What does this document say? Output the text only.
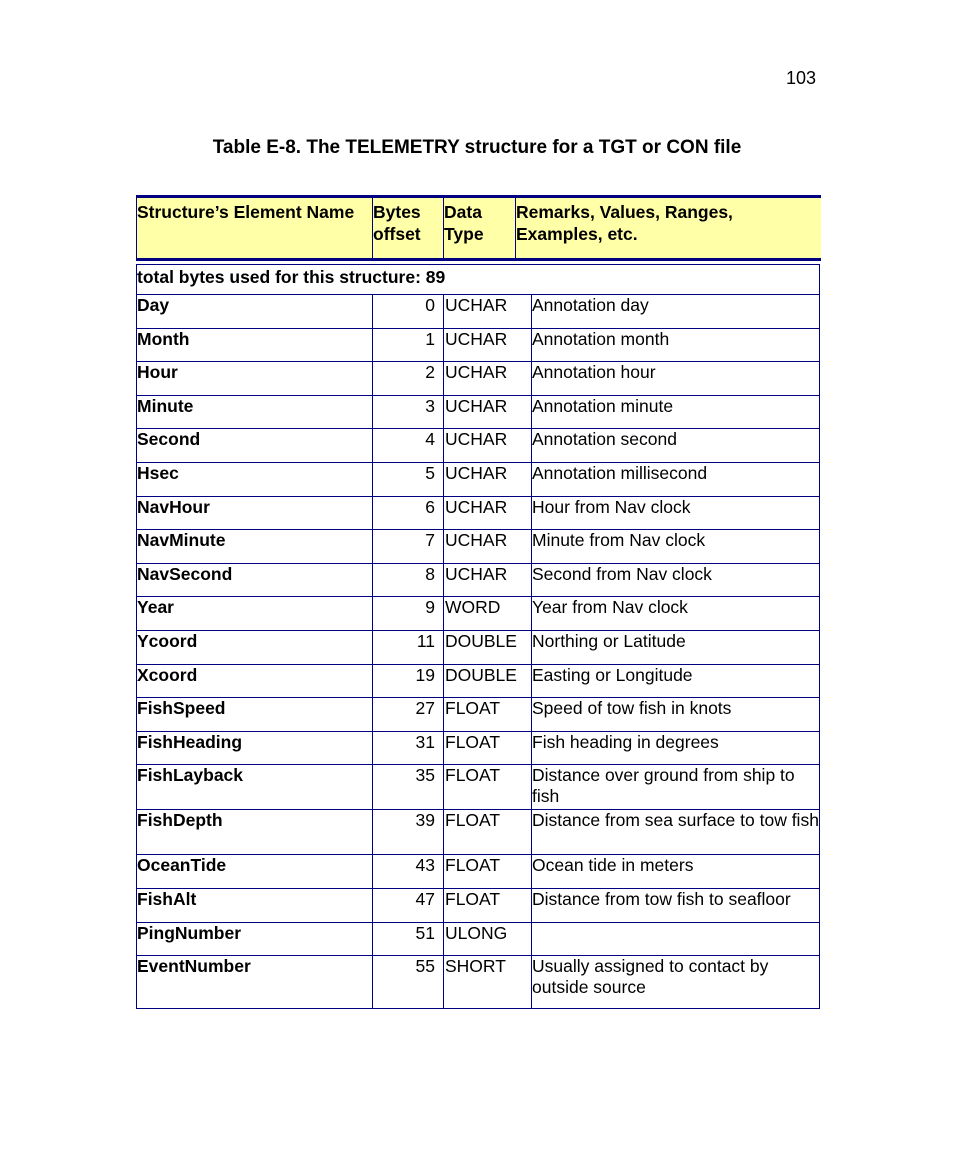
103
Table E-8. The TELEMETRY structure for a TGT or CON file
Structure’s Element Name	Bytes offset	Data Type	Remarks, Values, Ranges, Examples, etc.
total bytes used for this structure: 89			
Day	0	UCHAR	Annotation day
Month	1	UCHAR	Annotation month
Hour	2	UCHAR	Annotation hour
Minute	3	UCHAR	Annotation minute
Second	4	UCHAR	Annotation second
Hsec	5	UCHAR	Annotation millisecond
NavHour	6	UCHAR	Hour from Nav clock
NavMinute	7	UCHAR	Minute from Nav clock
NavSecond	8	UCHAR	Second from Nav clock
Year	9	WORD	Year from Nav clock
Ycoord	11	DOUBLE	Northing or Latitude
Xcoord	19	DOUBLE	Easting or Longitude
FishSpeed	27	FLOAT	Speed of tow fish in knots
FishHeading	31	FLOAT	Fish heading in degrees
FishLayback	35	FLOAT	Distance over ground from ship to fish
FishDepth	39	FLOAT	Distance from sea surface to tow fish
OceanTide	43	FLOAT	Ocean tide in meters
FishAlt	47	FLOAT	Distance from tow fish to seafloor
PingNumber	51	ULONG	
EventNumber	55	SHORT	Usually assigned to contact by outside source
